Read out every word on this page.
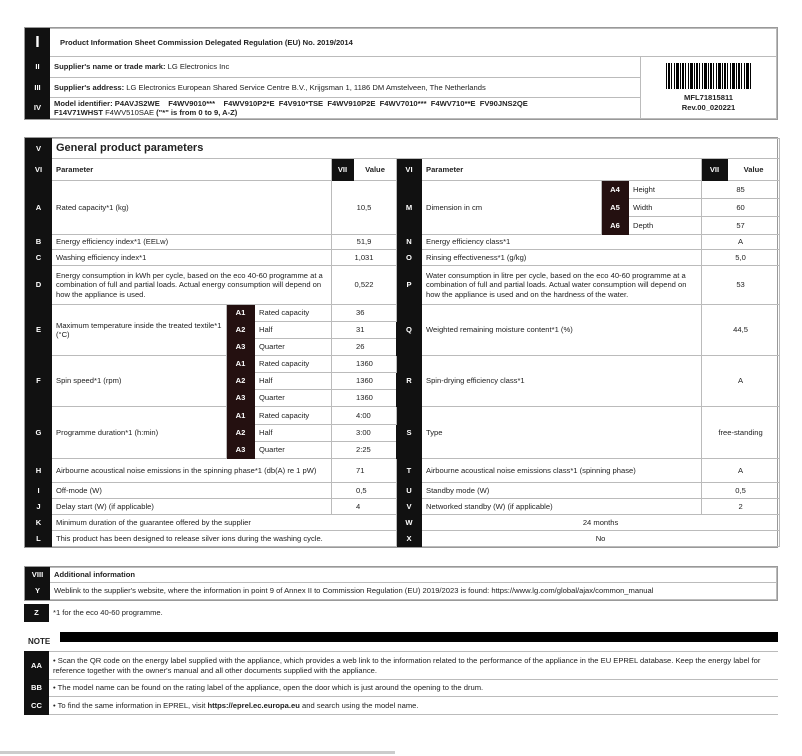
I	Product Information Sheet Commission Delegated Regulation (EU) No. 2019/2014	
II	Supplier's name or trade mark: LG Electronics Inc	MFL71815811
Rev.00_020221

III	Supplier's address: LG Electronics European Shared Service Centre B.V., Krijgsman 1, 1186 DM Amstelveen, The Netherlands	
IV	Model identifier: P4AVJS2WE    F4WV9010***    F4WV910P2*E  F4V910*TSE  F4WV910P2E  F4WV7010***  F4WV710**E  FV90JNS2QE
F14V71WHST F4WV510SAE ("*" is from 0 to 9, A-Z)	
V	General product parameters										
VI	Parameter			VII	Value	VI	Parameter			VII	Value
A	Rated capacity*1 (kg)			10,5		M	Dimension in cm	A4	Height	85	
								A5	Width	60	
								A6	Depth	57	
B	Energy efficiency index*1 (EELw)			51,9		N	Energy efficiency class*1			A	
C	Washing efficiency index*1			1,031		O	Rinsing effectiveness*1 (g/kg)			5,0	
D	Energy consumption in kWh per cycle, based on the eco 40-60 programme at a combination of full and partial loads. Actual energy consumption will depend on how the appliance is used.			0,522		P	Water consumption in litre per cycle, based on the eco 40-60 programme at a combination of full and partial loads. Actual water consumption will depend on how the appliance is used and on the hardness of the water.			53	
E	Maximum temperature inside the treated textile*1 (°C)	A1	Rated capacity	36		Q	Weighted remaining moisture content*1 (%)			44,5	
		A2	Half	31							
		A3	Quarter	26							
F	Spin speed*1 (rpm)	A1	Rated capacity	1360		R	Spin-drying efficiency class*1			A	
		A2	Half	1360							
		A3	Quarter	1360							
G	Programme duration*1 (h:min)	A1	Rated capacity	4:00		S	Type			free-standing	
		A2	Half	3:00							
		A3	Quarter	2:25							
H	Airbourne acoustical noise emissions in the spinning phase*1 (db(A) re 1 pW)			71		T	Airbourne acoustical noise emissions class*1 (spinning phase)			A	
I	Off-mode (W)			0,5		U	Standby mode (W)			0,5	
J	Delay start (W) (if applicable)			4		V	Networked standby (W) (if applicable)			2	
K	Minimum duration of the guarantee offered by the supplier					W	24 months				
L	This product has been designed to release silver ions during the washing cycle.					X	No				
VIII	Additional information
Y	Weblink to the supplier's website, where the information in point 9 of Annex II to Commission Regulation (EU) 2019/2023 is found: https://www.lg.com/global/ajax/common_manual
Z	*1 for the eco 40-60 programme.
NOTE
AA	• Scan the QR code on the energy label supplied with the appliance, which provides a web link to the information related to the performance of the appliance in the EU EPREL database. Keep the energy label for reference together with the owner's manual and all other documents supplied with the appliance.
BB	• The model name can be found on the rating label of the appliance, open the door which is just around the opening to the drum.
CC	• To find the same information in EPREL, visit https://eprel.ec.europa.eu and search using the model name.
